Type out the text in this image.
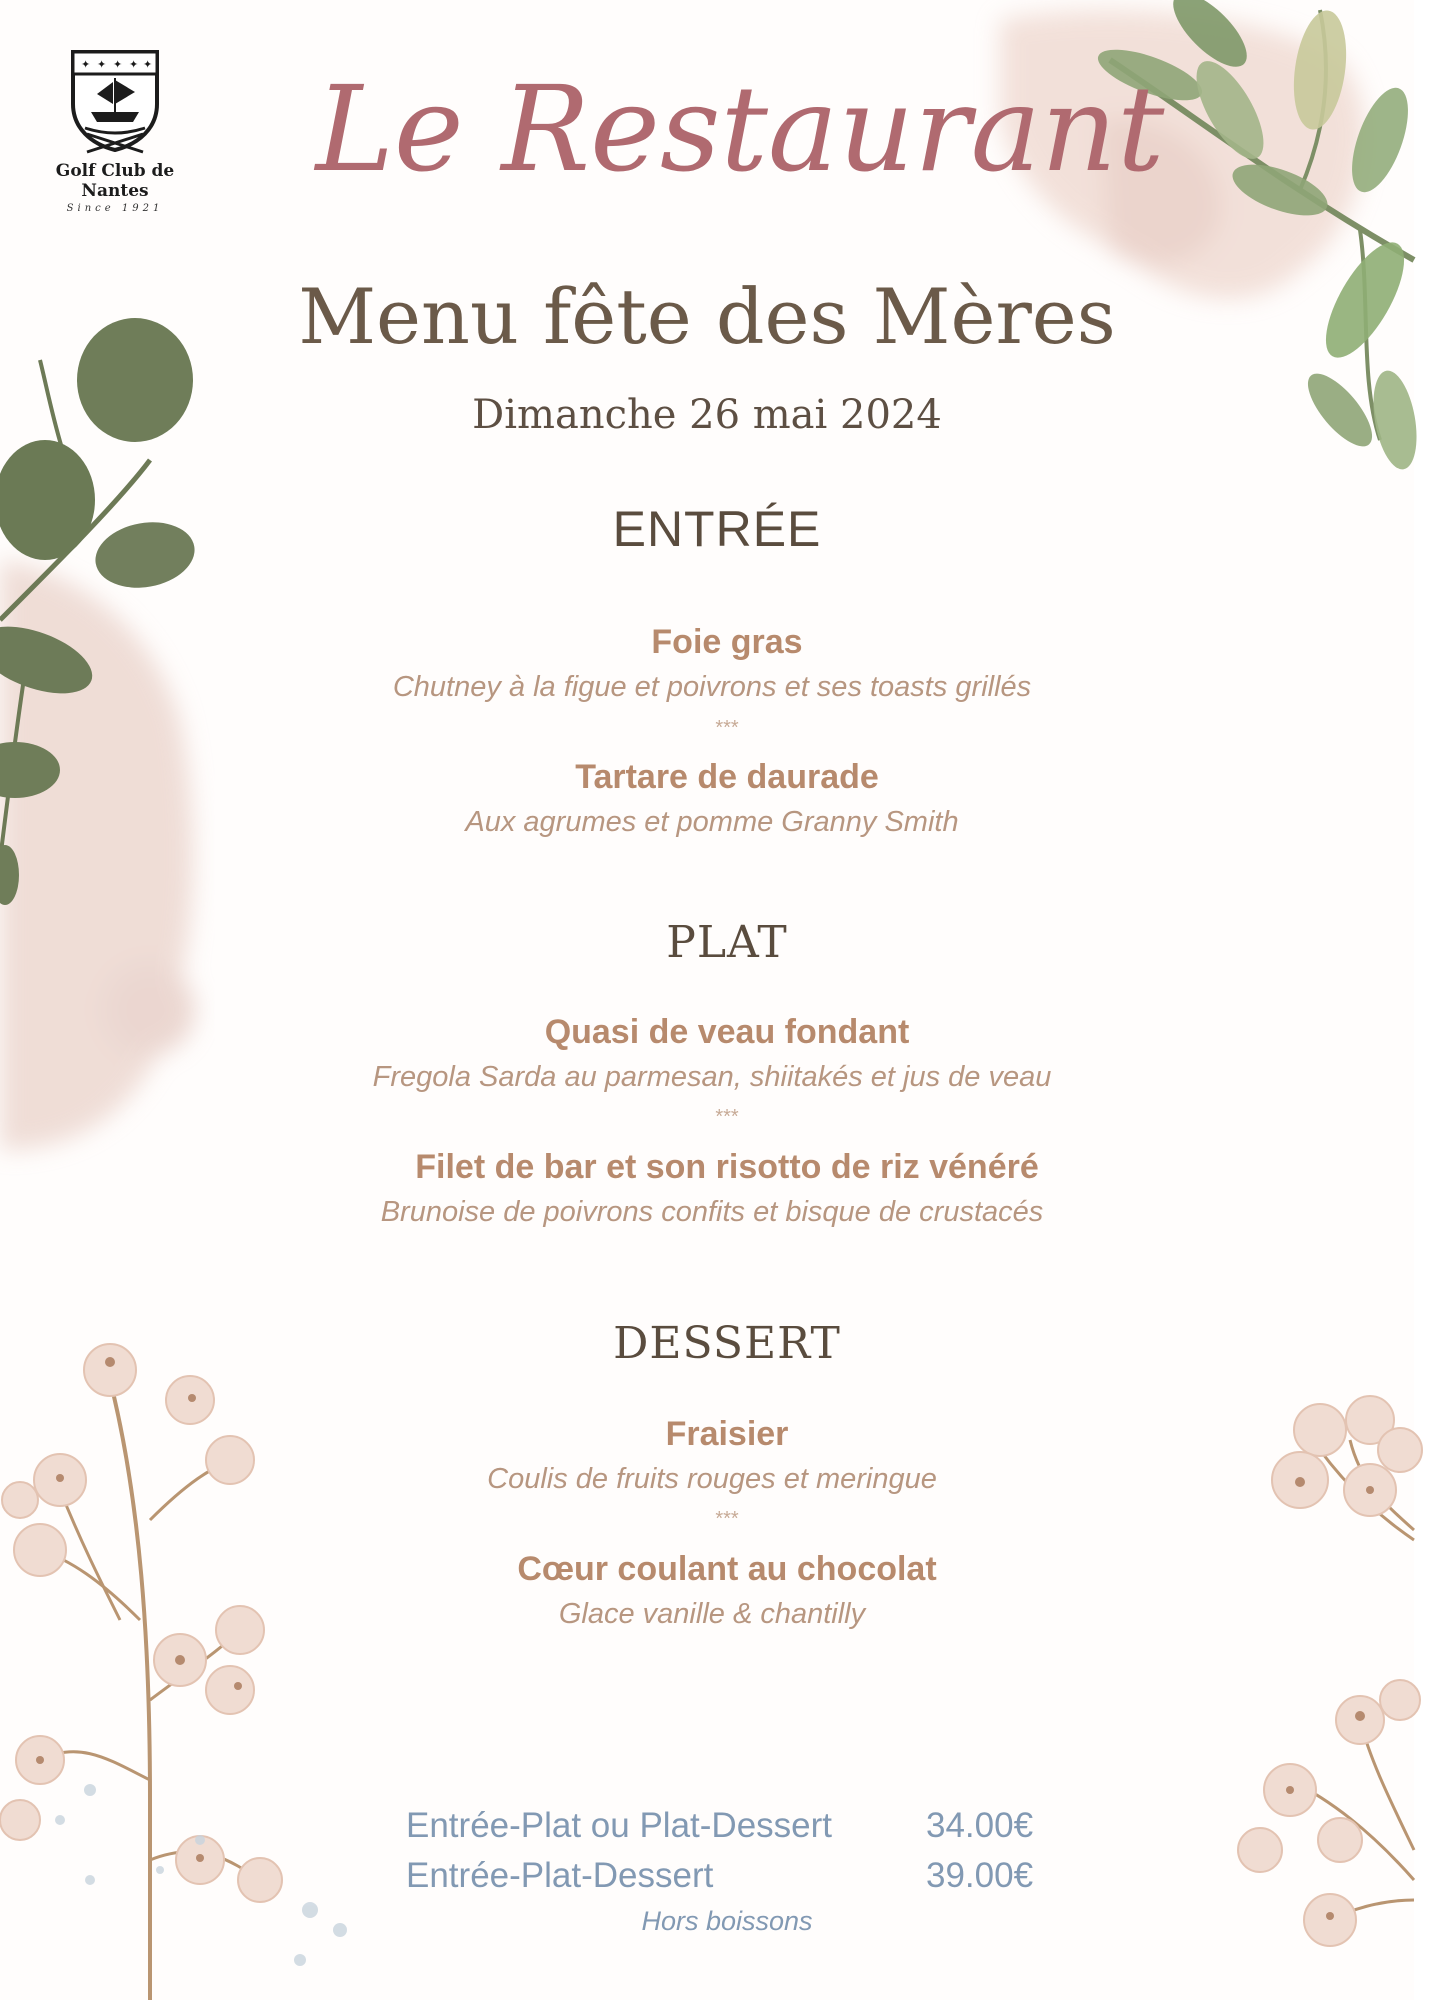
✦ ✦ ✦ ✦ ✦
Golf Club de Nantes
Since 1921
Le Restaurant
Menu fête des Mères
Dimanche 26 mai 2024
ENTRÉE
Foie gras
Chutney à la figue et poivrons et ses toasts grillés
***
Tartare de daurade
Aux agrumes et pomme Granny Smith
PLAT
Quasi de veau fondant
Fregola Sarda au parmesan, shiitakés et jus de veau
***
Filet de bar et son risotto de riz vénéré
Brunoise de poivrons confits et bisque de crustacés
DESSERT
Fraisier
Coulis de fruits rouges et meringue
***
Cœur coulant au chocolat
Glace vanille & chantilly
Entrée-Plat ou Plat-Dessert	34.00€
Entrée-Plat-Dessert	39.00€
Hors boissons
